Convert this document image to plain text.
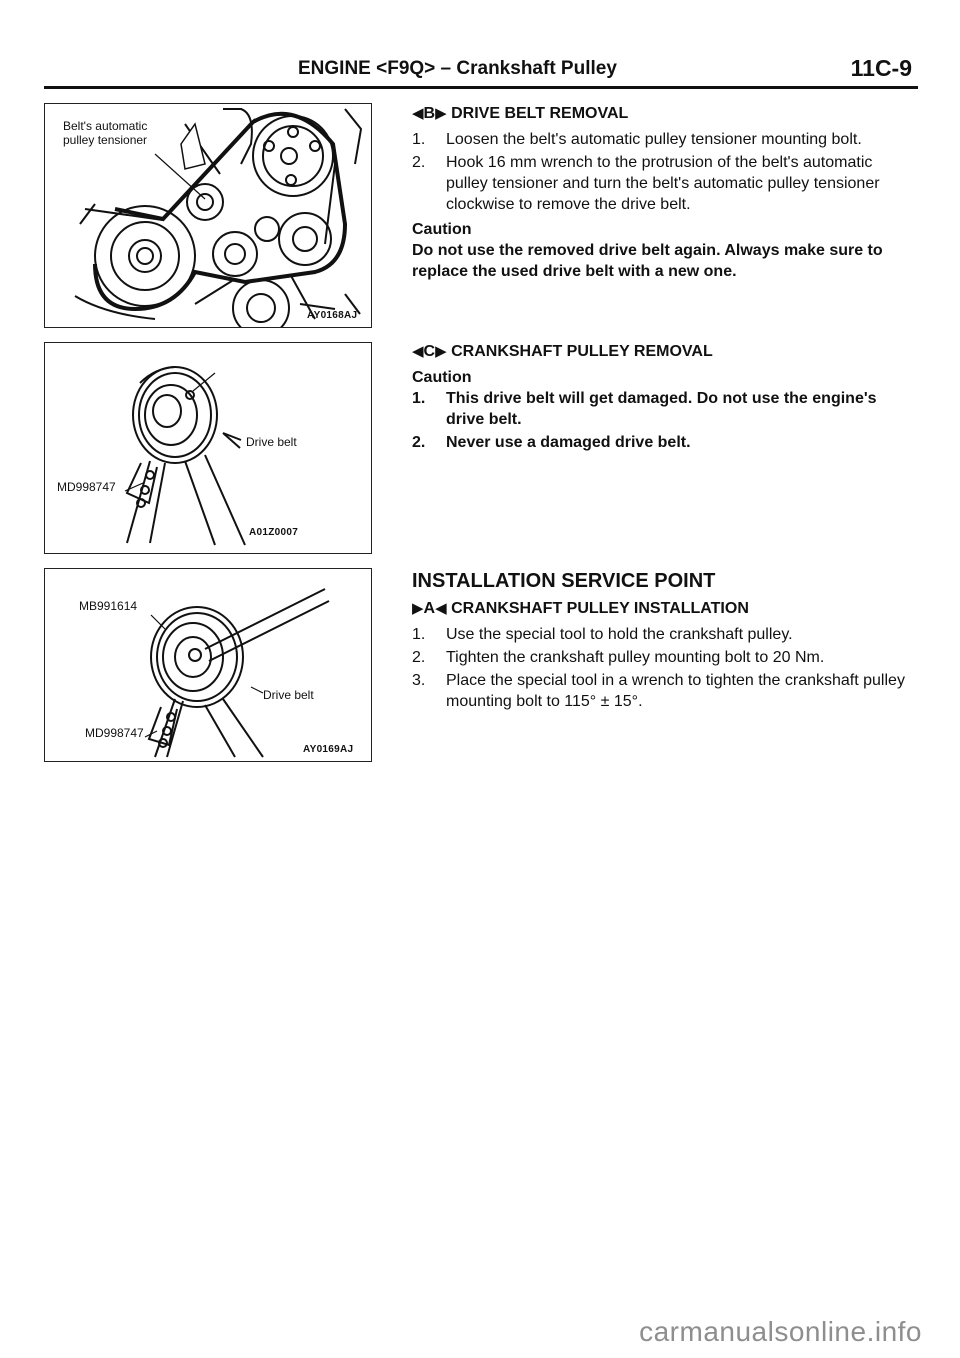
ENGINE <F9Q> – Crankshaft Pulley	11C-9
Belt's automatic
pulley tensioner
AY0168AJ
Drive belt
MD998747
A01Z0007
MB991614
Drive belt
MD998747
AY0169AJ
◀B▶ DRIVE BELT REMOVAL
1. Loosen the belt's automatic pulley tensioner mounting bolt.
2. Hook 16 mm wrench to the protrusion of the belt's automatic pulley tensioner and turn the belt's automatic pulley tensioner clockwise to remove the drive belt.
Caution
Do not use the removed drive belt again. Always make sure to replace the used drive belt with a new one.
◀C▶ CRANKSHAFT PULLEY REMOVAL
Caution
1. This drive belt will get damaged. Do not use the engine's drive belt.
2. Never use a damaged drive belt.
INSTALLATION SERVICE POINT
▶A◀ CRANKSHAFT PULLEY INSTALLATION
1. Use the special tool to hold the crankshaft pulley.
2. Tighten the crankshaft pulley mounting bolt to 20 Nm.
3. Place the special tool in a wrench to tighten the crankshaft pulley mounting bolt to 115° ± 15°.
carmanualsonline.info
